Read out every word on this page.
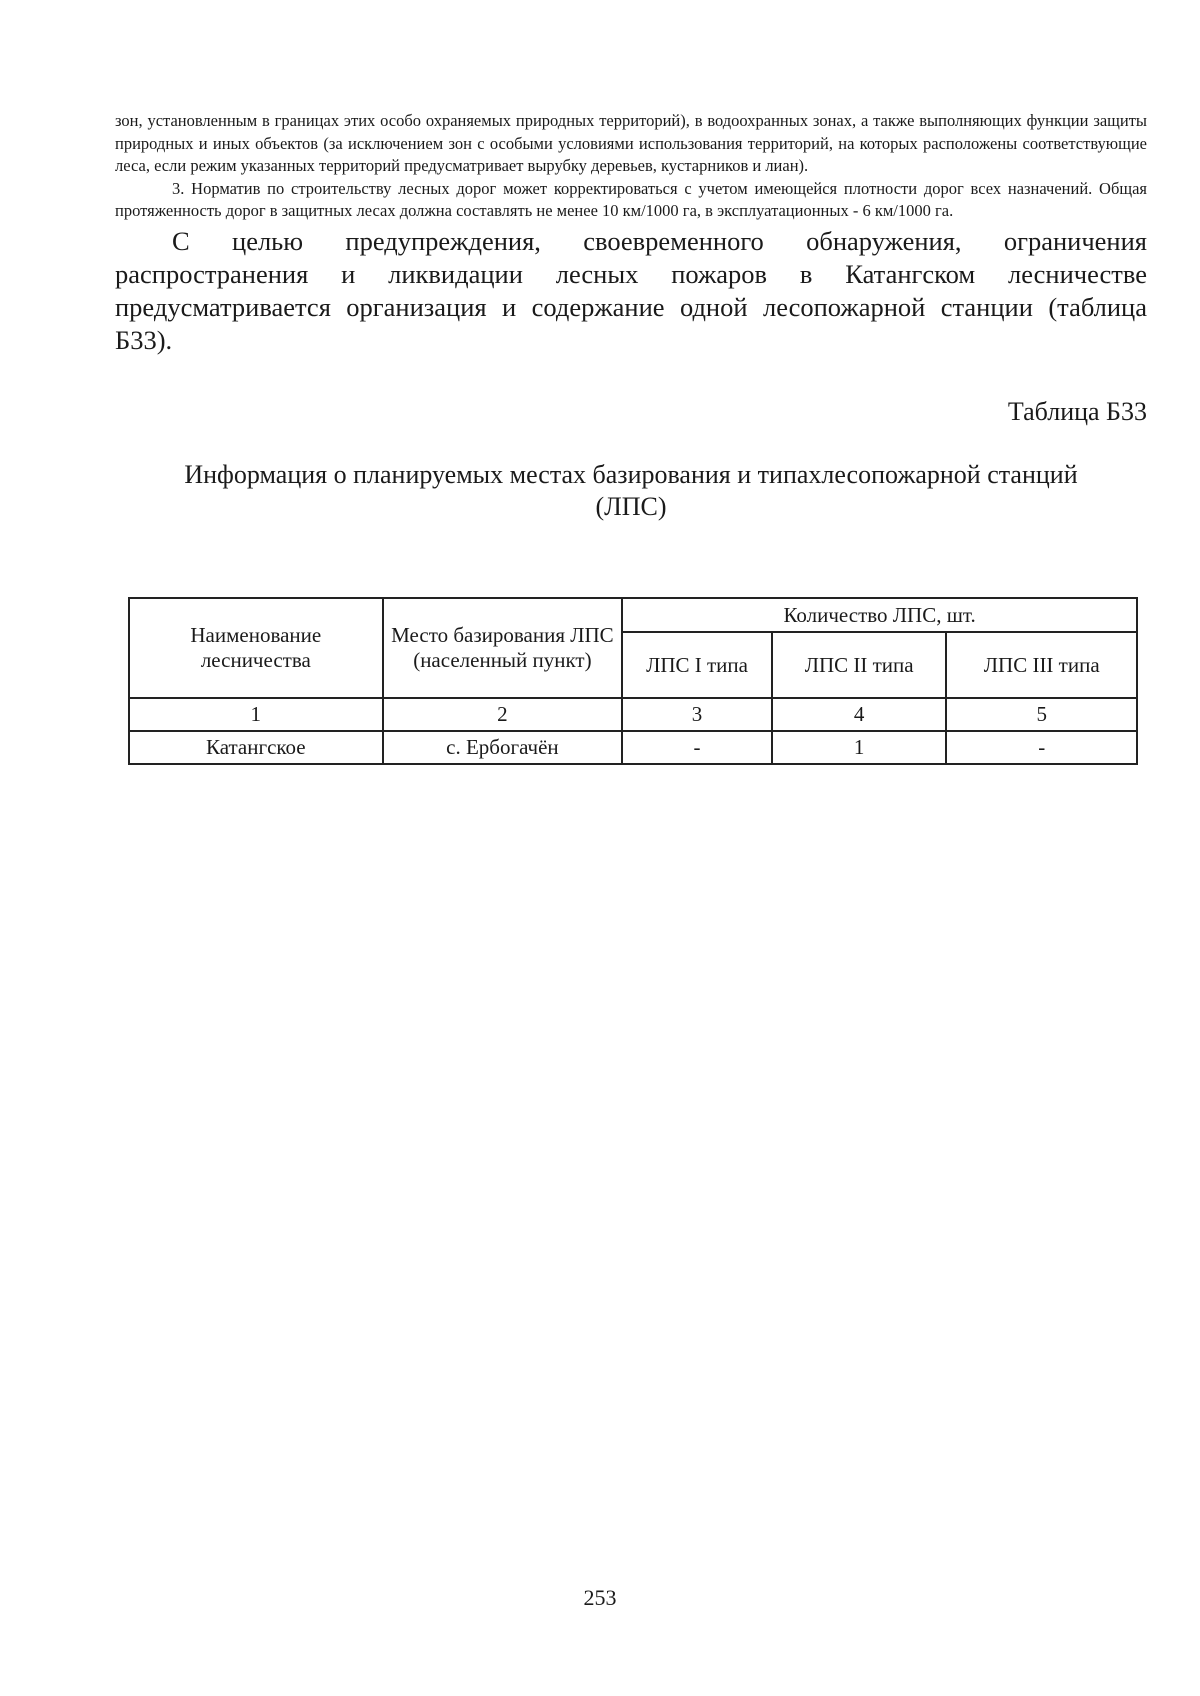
зон, установленным в границах этих особо охраняемых природных территорий), в водоохранных зонах, а также выполняющих функции защиты природных и иных объектов (за исключением зон с особыми условиями использования территорий, на которых расположены соответствующие леса, если режим указанных территорий предусматривает вырубку деревьев, кустарников и лиан).

3. Норматив по строительству лесных дорог может корректироваться с учетом имеющейся плотности дорог всех назначений. Общая протяженность дорог в защитных лесах должна составлять не менее 10 км/1000 га, в эксплуатационных - 6 км/1000 га.

С целью предупреждения, своевременного обнаружения, ограничения распространения и ликвидации лесных пожаров в Катангском лесничестве предусматривается организация и содержание одной лесопожарной станции (таблица Б33).

Таблица Б33

Информация о планируемых местах базирования и типахлесопожарной станций
(ЛПС)
Наименование лесничества	Место базирования ЛПС (населенный пункт)	Количество ЛПС, шт.		
		ЛПС I типа	ЛПС II типа	ЛПС III типа
1	2	3	4	5
Катангское	с. Ербогачён	-	1	-
253
